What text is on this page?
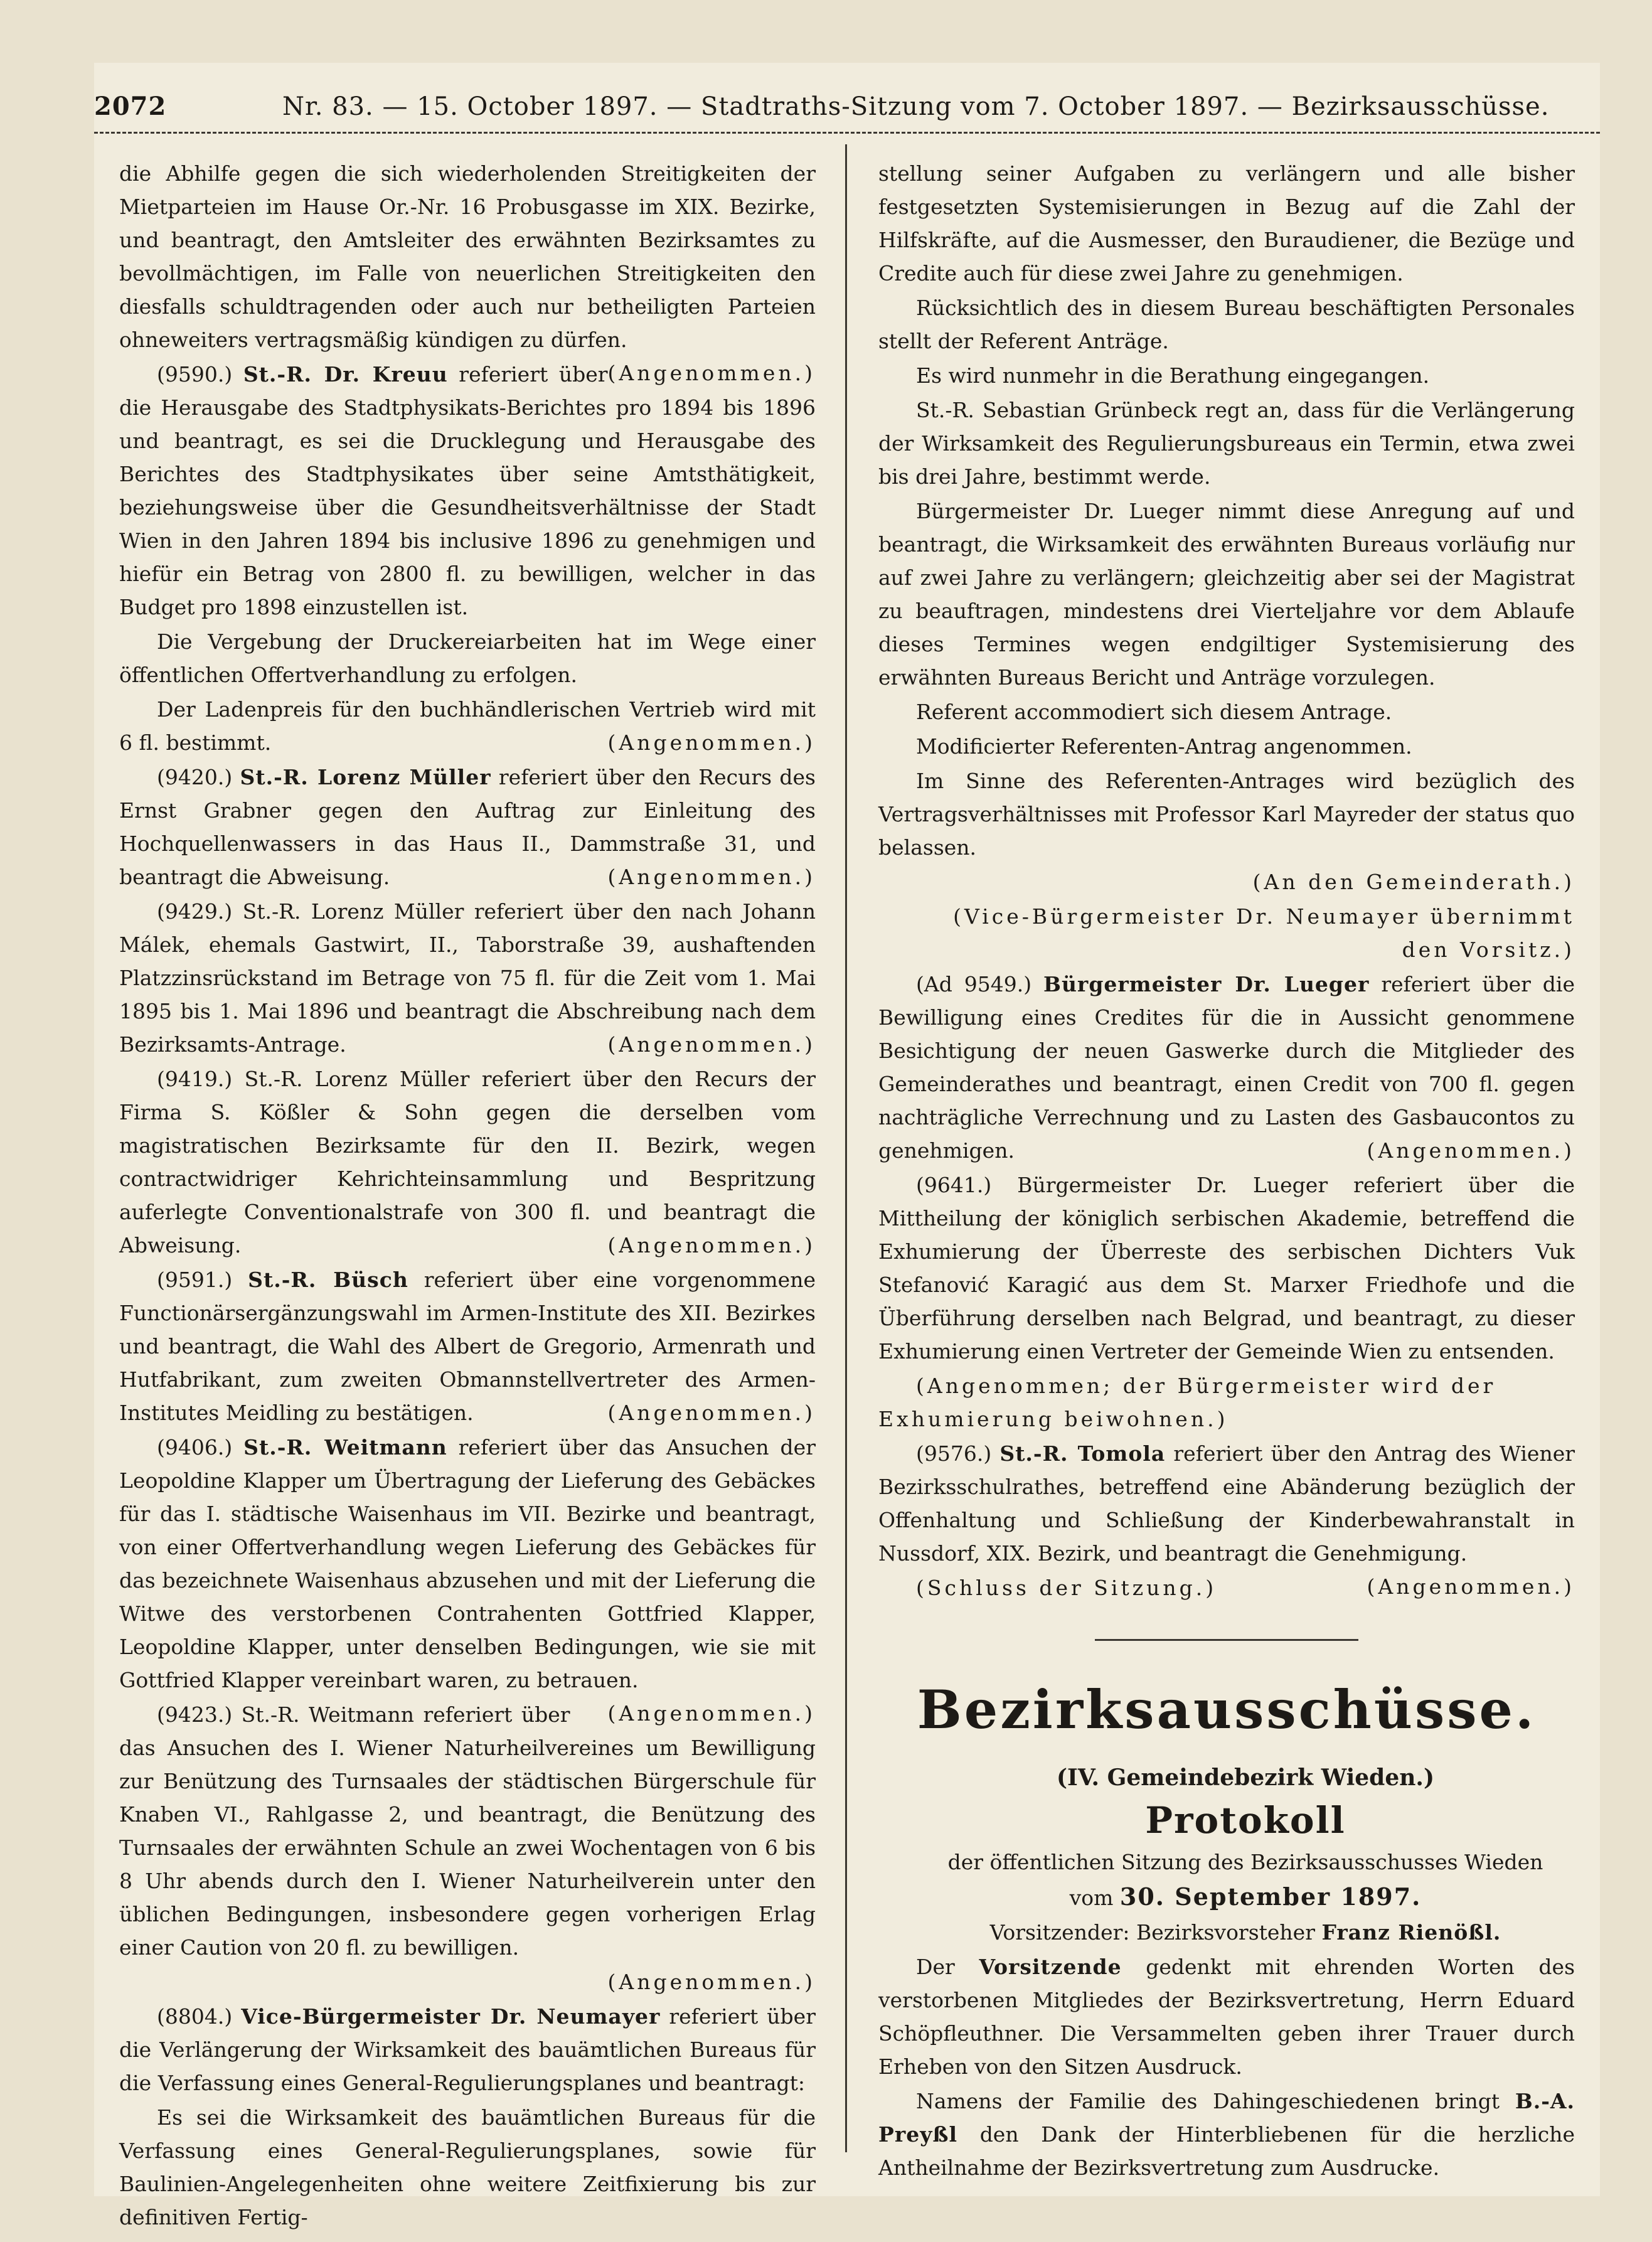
2072	Nr. 83. — 15. October 1897. — Stadtraths-Sitzung vom 7. October 1897. — Bezirksausschüsse.

die Abhilfe gegen die sich wiederholenden Streitigkeiten der Mietparteien im Hause Or.-Nr. 16 Probusgasse im XIX. Bezirke, und beantragt, den Amtsleiter des erwähnten Bezirksamtes zu bevollmächtigen, im Falle von neuerlichen Streitigkeiten den diesfalls schuldtragenden oder auch nur betheiligten Parteien ohneweiters vertragsmäßig kündigen zu dürfen.
(Angenommen.)

(9590.) St.-R. Dr. Kreuu referiert über die Herausgabe des Stadtphysikats-Berichtes pro 1894 bis 1896 und beantragt, es sei die Drucklegung und Herausgabe des Berichtes des Stadtphysikates über seine Amtsthätigkeit, beziehungsweise über die Gesundheitsverhältnisse der Stadt Wien in den Jahren 1894 bis inclusive 1896 zu genehmigen und hiefür ein Betrag von 2800 fl. zu bewilligen, welcher in das Budget pro 1898 einzustellen ist.

Die Vergebung der Druckereiarbeiten hat im Wege einer öffentlichen Offertverhandlung zu erfolgen.

Der Ladenpreis für den buchhändlerischen Vertrieb wird mit 6 fl. bestimmt.	(Angenommen.)

(9420.) St.-R. Lorenz Müller referiert über den Recurs des Ernst Grabner gegen den Auftrag zur Einleitung des Hochquellenwassers in das Haus II., Dammstraße 31, und beantragt die Abweisung.	(Angenommen.)

(9429.) St.-R. Lorenz Müller referiert über den nach Johann Málek, ehemals Gastwirt, II., Taborstraße 39, aushaftenden Platzzinsrückstand im Betrage von 75 fl. für die Zeit vom 1. Mai 1895 bis 1. Mai 1896 und beantragt die Abschreibung nach dem Bezirksamts-Antrage.	(Angenommen.)

(9419.) St.-R. Lorenz Müller referiert über den Recurs der Firma S. Kößler & Sohn gegen die derselben vom magistratischen Bezirksamte für den II. Bezirk, wegen contractwidriger Kehrichteinsammlung und Bespritzung auferlegte Conventionalstrafe von 300 fl. und beantragt die Abweisung.	(Angenommen.)

(9591.) St.-R. Büsch referiert über eine vorgenommene Functionärsergänzungswahl im Armen-Institute des XII. Bezirkes und beantragt, die Wahl des Albert de Gregorio, Armenrath und Hutfabrikant, zum zweiten Obmannstellvertreter des Armen-Institutes Meidling zu bestätigen.	(Angenommen.)

(9406.) St.-R. Weitmann referiert über das Ansuchen der Leopoldine Klapper um Übertragung der Lieferung des Gebäckes für das I. städtische Waisenhaus im VII. Bezirke und beantragt, von einer Offertverhandlung wegen Lieferung des Gebäckes für das bezeichnete Waisenhaus abzusehen und mit der Lieferung die Witwe des verstorbenen Contrahenten Gottfried Klapper, Leopoldine Klapper, unter denselben Bedingungen, wie sie mit Gottfried Klapper vereinbart waren, zu betrauen.
(Angenommen.)

(9423.) St.-R. Weitmann referiert über das Ansuchen des I. Wiener Naturheilvereines um Bewilligung zur Benützung des Turnsaales der städtischen Bürgerschule für Knaben VI., Rahlgasse 2, und beantragt, die Benützung des Turnsaales der erwähnten Schule an zwei Wochentagen von 6 bis 8 Uhr abends durch den I. Wiener Naturheilverein unter den üblichen Bedingungen, insbesondere gegen vorherigen Erlag einer Caution von 20 fl. zu bewilligen.

(Angenommen.)

(8804.) Vice-Bürgermeister Dr. Neumayer referiert über die Verlängerung der Wirksamkeit des bauämtlichen Bureaus für die Verfassung eines General-Regulierungsplanes und beantragt:

Es sei die Wirksamkeit des bauämtlichen Bureaus für die Verfassung eines General-Regulierungsplanes, sowie für Baulinien-Angelegenheiten ohne weitere Zeitfixierung bis zur definitiven Fertig-

stellung seiner Aufgaben zu verlängern und alle bisher festgesetzten Systemisierungen in Bezug auf die Zahl der Hilfskräfte, auf die Ausmesser, den Buraudiener, die Bezüge und Credite auch für diese zwei Jahre zu genehmigen.

Rücksichtlich des in diesem Bureau beschäftigten Personales stellt der Referent Anträge.

Es wird nunmehr in die Berathung eingegangen.

St.-R. Sebastian Grünbeck regt an, dass für die Verlängerung der Wirksamkeit des Regulierungsbureaus ein Termin, etwa zwei bis drei Jahre, bestimmt werde.

Bürgermeister Dr. Lueger nimmt diese Anregung auf und beantragt, die Wirksamkeit des erwähnten Bureaus vorläufig nur auf zwei Jahre zu verlängern; gleichzeitig aber sei der Magistrat zu beauftragen, mindestens drei Vierteljahre vor dem Ablaufe dieses Termines wegen endgiltiger Systemisierung des erwähnten Bureaus Bericht und Anträge vorzulegen.

Referent accommodiert sich diesem Antrage.

Modificierter Referenten-Antrag angenommen.

Im Sinne des Referenten-Antrages wird bezüglich des Vertragsverhältnisses mit Professor Karl Mayreder der status quo belassen.

(An den Gemeinderath.)

(Vice-Bürgermeister Dr. Neumayer übernimmt den Vorsitz.)

(Ad 9549.) Bürgermeister Dr. Lueger referiert über die Bewilligung eines Credites für die in Aussicht genommene Besichtigung der neuen Gaswerke durch die Mitglieder des Gemeinderathes und beantragt, einen Credit von 700 fl. gegen nachträgliche Verrechnung und zu Lasten des Gasbaucontos zu genehmigen.	(Angenommen.)

(9641.) Bürgermeister Dr. Lueger referiert über die Mittheilung der königlich serbischen Akademie, betreffend die Exhumierung der Überreste des serbischen Dichters Vuk Stefanović Karagić aus dem St. Marxer Friedhofe und die Überführung derselben nach Belgrad, und beantragt, zu dieser Exhumierung einen Vertreter der Gemeinde Wien zu entsenden.

(Angenommen; der Bürgermeister wird der Exhumierung beiwohnen.)

(9576.) St.-R. Tomola referiert über den Antrag des Wiener Bezirksschulrathes, betreffend eine Abänderung bezüglich der Offenhaltung und Schließung der Kinderbewahranstalt in Nussdorf, XIX. Bezirk, und beantragt die Genehmigung.
(Angenommen.)

(Schluss der Sitzung.)

Bezirksausschüsse.

(IV. Gemeindebezirk Wieden.)

Protokoll

der öffentlichen Sitzung des Bezirksausschusses Wieden

vom 30. September 1897.

Vorsitzender: Bezirksvorsteher Franz Rienößl.

Der Vorsitzende gedenkt mit ehrenden Worten des verstorbenen Mitgliedes der Bezirksvertretung, Herrn Eduard Schöpfleuthner. Die Versammelten geben ihrer Trauer durch Erheben von den Sitzen Ausdruck.

Namens der Familie des Dahingeschiedenen bringt B.-A. Preyßl den Dank der Hinterbliebenen für die herzliche Antheilnahme der Bezirksvertretung zum Ausdrucke.
